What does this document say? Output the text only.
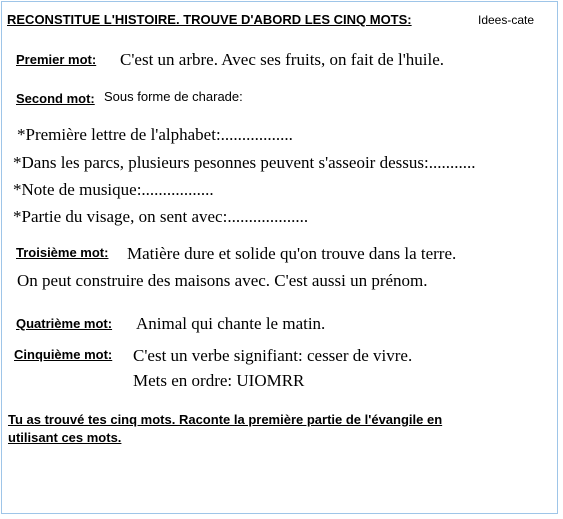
RECONSTITUE L'HISTOIRE. TROUVE D'ABORD LES CINQ MOTS:	Idees-cate
Premier mot: C'est un arbre. Avec ses fruits, on fait de l'huile.
Second mot: Sous forme de charade:
*Première lettre de l'alphabet:.................
*Dans les parcs, plusieurs pesonnes peuvent s'asseoir dessus:...........
*Note de musique:.................
*Partie du visage, on sent avec:...................
Troisième mot: Matière dure et solide qu'on trouve dans la terre.
On peut construire des maisons avec. C'est aussi un prénom.
Quatrième mot: Animal qui chante le matin.
Cinquième mot: C'est un verbe signifiant: cesser de vivre.
Mets en ordre: UIOMRR
Tu as trouvé tes cinq mots. Raconte la première partie de l'évangile en
utilisant ces mots.
